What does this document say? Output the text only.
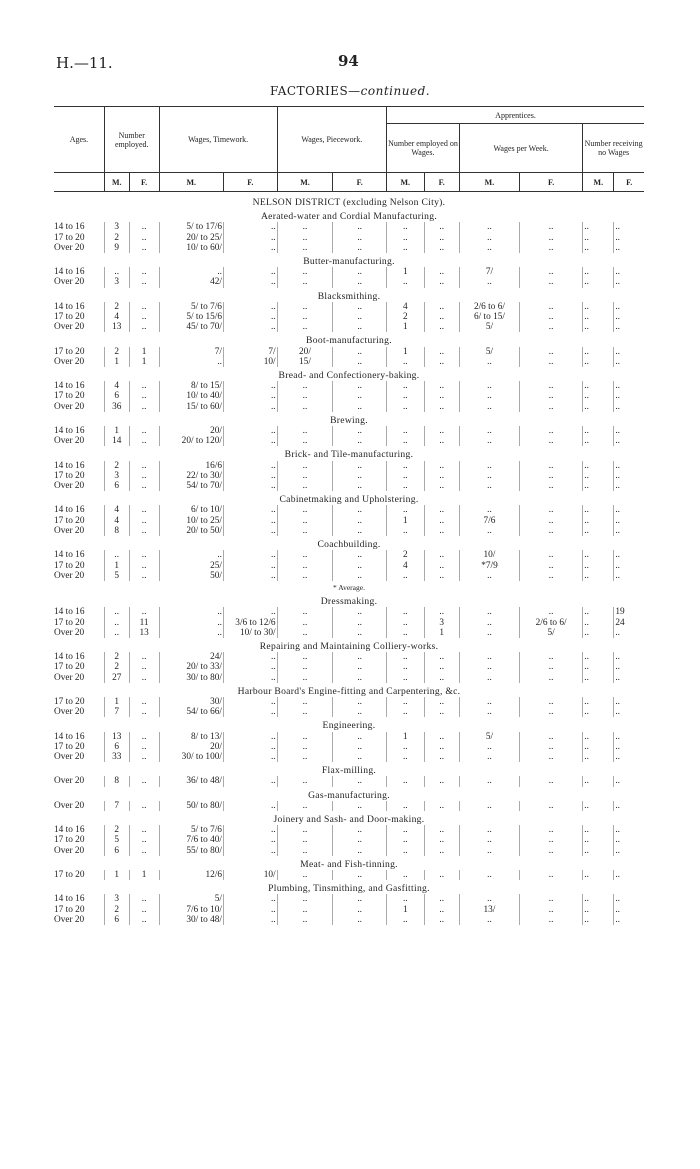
H.—11.	94
FACTORIES—continued.
Ages.	Number employed.		Wages, Timework.		Wages, Piecework.		Apprentices.					
							Number employed on Wages.		Wages per Week.		Number receiving no Wages	
	M.	F.	M.	F.	M.	F.	M.	F.	M.	F.	M.	F.
NELSON DISTRICT (excluding Nelson City).												
Aerated-water and Cordial Manufacturing.												
14 to 16	3	..	5/ to 17/6	..	..	..	..	..	..	..	..	..
17 to 20	2	..	20/ to 25/	..	..	..	..	..	..	..	..	..
Over 20	9	..	10/ to 60/	..	..	..	..	..	..	..	..	..
Butter-manufacturing.												
14 to 16	..	..	..	..	..	..	1	..	7/	..	..	..
Over 20	3	..	42/	..	..	..	..	..	..	..	..	..
Blacksmithing.												
14 to 16	2	..	5/ to 7/6	..	..	..	4	..	2/6 to 6/	..	..	..
17 to 20	4	..	5/ to 15/6	..	..	..	2	..	6/ to 15/	..	..	..
Over 20	13	..	45/ to 70/	..	..	..	1	..	5/	..	..	..
Boot-manufacturing.												
17 to 20	2	1	7/	7/	20/	..	1	..	5/	..	..	..
Over 20	1	1	..	10/	15/	..	..	..	..	..	..	..
Bread- and Confectionery-baking.												
14 to 16	4	..	8/ to 15/	..	..	..	..	..	..	..	..	..
17 to 20	6	..	10/ to 40/	..	..	..	..	..	..	..	..	..
Over 20	36	..	15/ to 60/	..	..	..	..	..	..	..	..	..
Brewing.												
14 to 16	1	..	20/	..	..	..	..	..	..	..	..	..
Over 20	14	..	20/ to 120/	..	..	..	..	..	..	..	..	..
Brick- and Tile-manufacturing.												
14 to 16	2	..	16/6	..	..	..	..	..	..	..	..	..
17 to 20	3	..	22/ to 30/	..	..	..	..	..	..	..	..	..
Over 20	6	..	54/ to 70/	..	..	..	..	..	..	..	..	..
Cabinetmaking and Upholstering.												
14 to 16	4	..	6/ to 10/	..	..	..	..	..	..	..	..	..
17 to 20	4	..	10/ to 25/	..	..	..	1	..	7/6	..	..	..
Over 20	8	..	20/ to 50/	..	..	..	..	..	..	..	..	..
Coachbuilding.												
14 to 16	..	..	..	..	..	..	2	..	10/	..	..	..
17 to 20	1	..	25/	..	..	..	4	..	*7/9	..	..	..
Over 20	5	..	50/	..	..	..	..	..	..	..	..	..
* Average.												
Dressmaking.												
14 to 16	..	..	..	..	..	..	..	..	..	..	..	19
17 to 20	..	11	..	3/6 to 12/6	..	..	..	3	..	2/6 to 6/	..	24
Over 20	..	13	..	10/ to 30/	..	..	..	1	..	5/	..	..
Repairing and Maintaining Colliery-works.												
14 to 16	2	..	24/	..	..	..	..	..	..	..	..	..
17 to 20	2	..	20/ to 33/	..	..	..	..	..	..	..	..	..
Over 20	27	..	30/ to 80/	..	..	..	..	..	..	..	..	..
Harbour Board's Engine-fitting and Carpentering, &c.												
17 to 20	1	..	30/	..	..	..	..	..	..	..	..	..
Over 20	7	..	54/ to 66/	..	..	..	..	..	..	..	..	..
Engineering.												
14 to 16	13	..	8/ to 13/	..	..	..	1	..	5/	..	..	..
17 to 20	6	..	20/	..	..	..	..	..	..	..	..	..
Over 20	33	..	30/ to 100/	..	..	..	..	..	..	..	..	..
Flax-milling.												
Over 20	8	..	36/ to 48/	..	..	..	..	..	..	..	..	..
Gas-manufacturing.												
Over 20	7	..	50/ to 80/	..	..	..	..	..	..	..	..	..
Joinery and Sash- and Door-making.												
14 to 16	2	..	5/ to 7/6	..	..	..	..	..	..	..	..	..
17 to 20	5	..	7/6 to 40/	..	..	..	..	..	..	..	..	..
Over 20	6	..	55/ to 80/	..	..	..	..	..	..	..	..	..
Meat- and Fish-tinning.												
17 to 20	1	1	12/6	10/	..	..	..	..	..	..	..	..
Plumbing, Tinsmithing, and Gasfitting.												
14 to 16	3	..	5/	..	..	..	..	..	..	..	..	..
17 to 20	2	..	7/6 to 10/	..	..	..	1	..	13/	..	..	..
Over 20	6	..	30/ to 48/	..	..	..	..	..	..	..	..	..
